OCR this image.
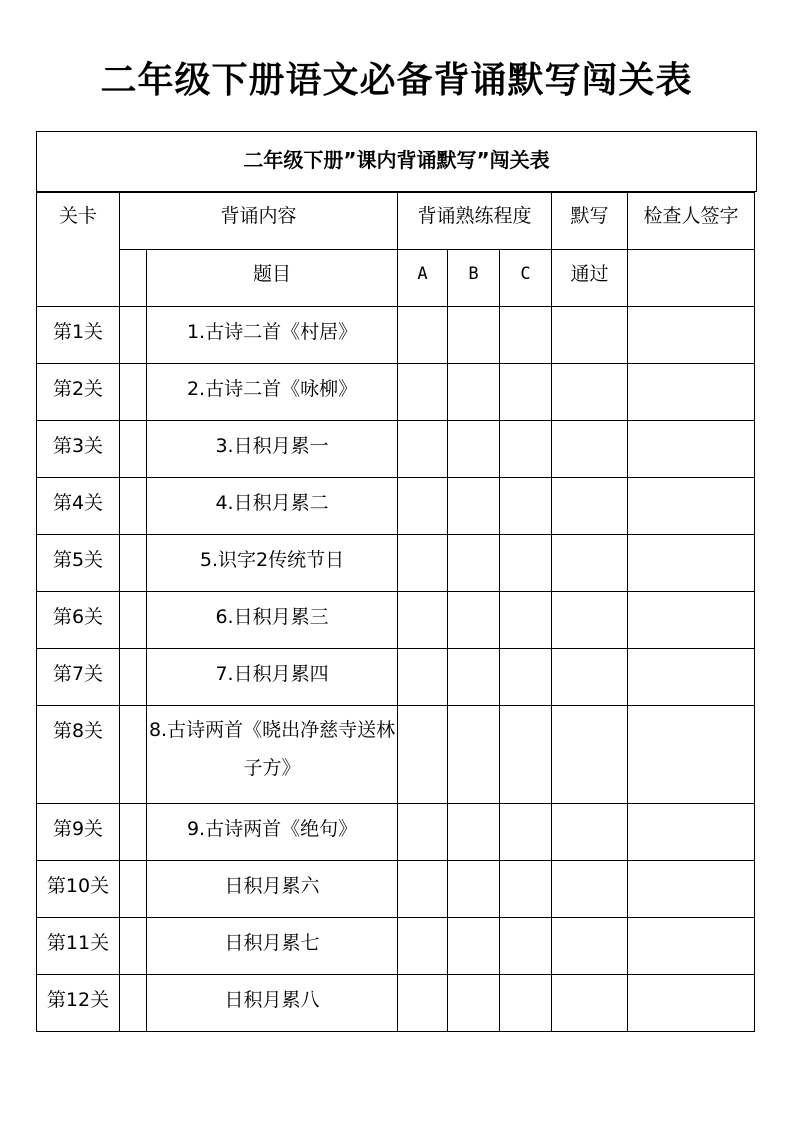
二年级下册语文必备背诵默写闯关表
二年级下册”课内背诵默写”闯关表
关卡	背诵内容		背诵熟练程度			默写	检查人签字
		题目	A	B	C	通过	
第1关		1.古诗二首《村居》					
第2关		2.古诗二首《咏柳》					
第3关		3.日积月累一					
第4关		4.日积月累二					
第5关		5.识字2传统节日					
第6关		6.日积月累三					
第7关		7.日积月累四					
第8关		8.古诗两首《晓出净慈寺送林子方》					
第9关		9.古诗两首《绝句》					
第10关		日积月累六					
第11关		日积月累七					
第12关		日积月累八					
